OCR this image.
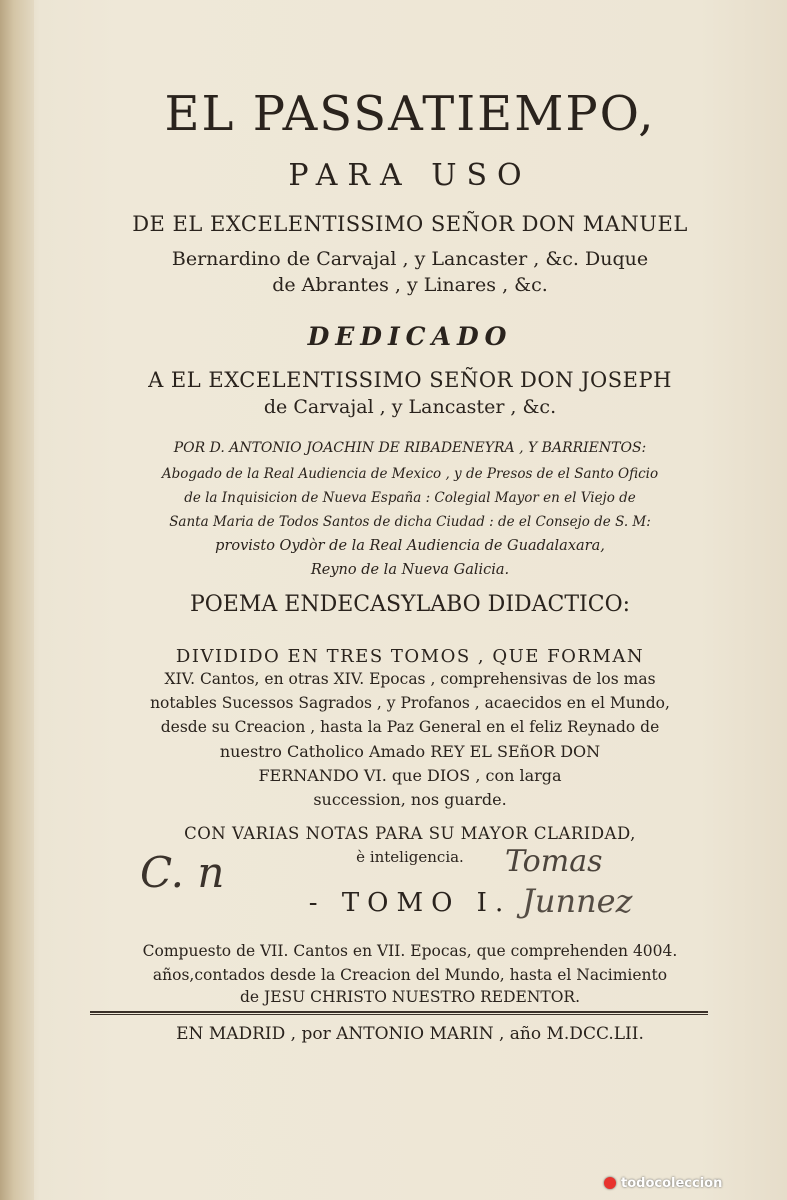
EL PASSATIEMPO,
PARA USO
DE EL EXCELENTISSIMO SEÑOR DON MANUEL
Bernardino de Carvajal , y Lancaster , &c. Duque
de Abrantes , y Linares , &c.
DEDICADO
A EL EXCELENTISSIMO SEÑOR DON JOSEPH
de Carvajal , y Lancaster , &c.
POR D. ANTONIO JOACHIN DE RIBADENEYRA , Y BARRIENTOS:
Abogado de la Real Audiencia de Mexico , y de Presos de el Santo Oficio
de la Inquisicion de Nueva España : Colegial Mayor en el Viejo de
Santa Maria de Todos Santos de dicha Ciudad : de el Consejo de S. M:
provisto Oydòr de la Real Audiencia de Guadalaxara,
Reyno de la Nueva Galicia.
POEMA ENDECASYLABO DIDACTICO:
DIVIDIDO EN TRES TOMOS , QUE FORMAN
XIV. Cantos, en otras XIV. Epocas , comprehensivas de los mas
notables Sucessos Sagrados , y Profanos , acaecidos en el Mundo,
desde su Creacion , hasta la Paz General en el feliz Reynado de
nuestro Catholico Amado REY EL SEñOR DON
FERNANDO VI. que DIOS , con larga
succession, nos guarde.
CON VARIAS NOTAS PARA SU MAYOR CLARIDAD,
è inteligencia.
- TOMO I.
Compuesto de VII. Cantos en VII. Epocas, que comprehenden 4004.
años,contados desde la Creacion del Mundo, hasta el Nacimiento
de JESU CHRISTO NUESTRO REDENTOR.
EN MADRID , por ANTONIO MARIN , año M.DCC.LII.
C. n	Tomas
Junnez
todocoleccion
